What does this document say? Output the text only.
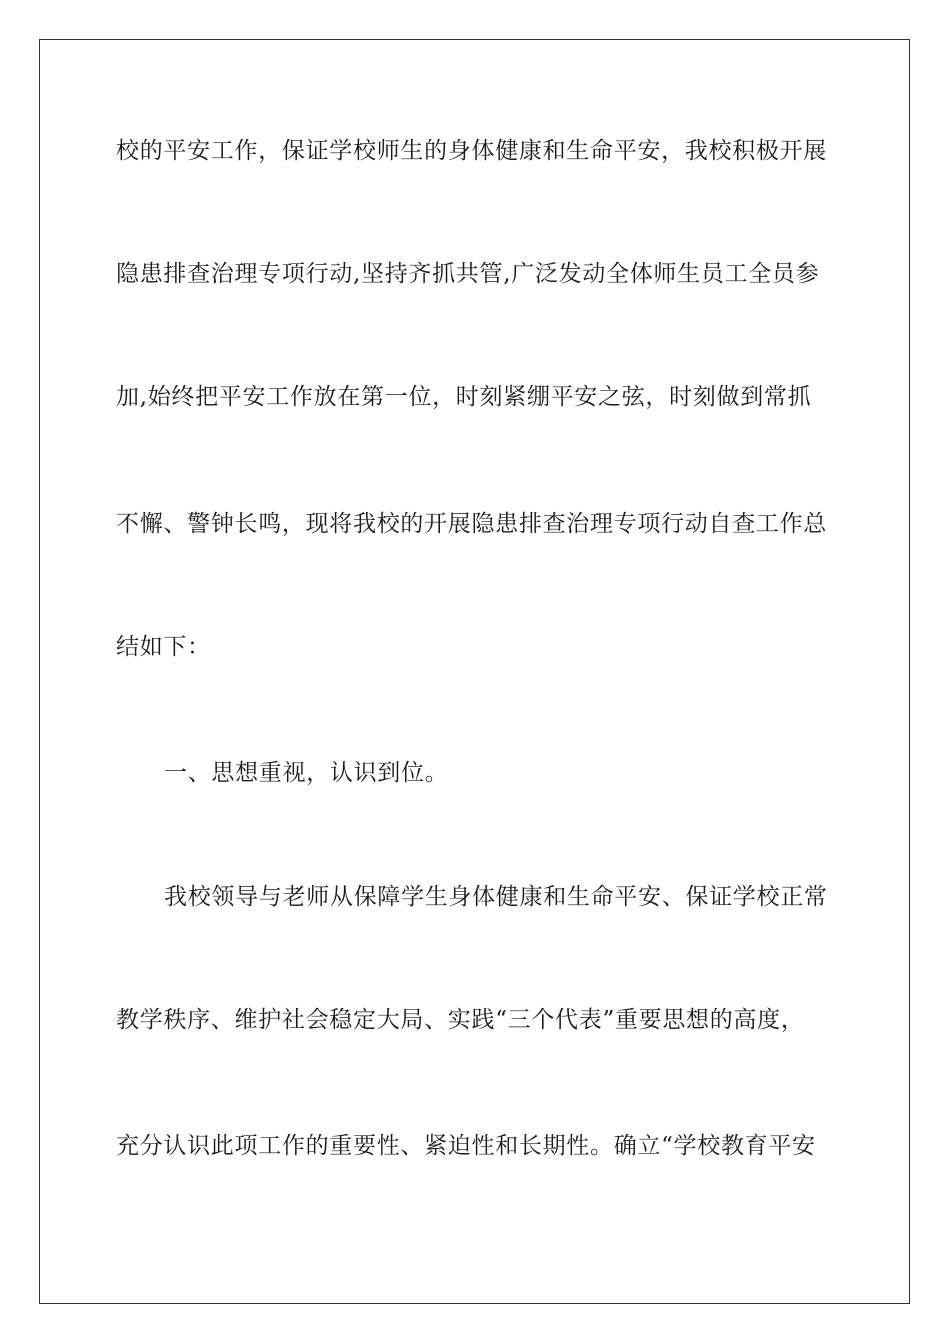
校的平安工作，保证学校师生的身体健康和生命平安，我校积极开展
隐患排查治理专项行动,坚持齐抓共管,广泛发动全体师生员工全员参
加,始终把平安工作放在第一位，时刻紧绷平安之弦，时刻做到常抓
不懈、警钟长鸣，现将我校的开展隐患排查治理专项行动自查工作总
结如下：
一、思想重视，认识到位。
我校领导与老师从保障学生身体健康和生命平安、保证学校正常
教学秩序、维护社会稳定大局、实践“三个代表”重要思想的高度，
充分认识此项工作的重要性、紧迫性和长期性。确立“学校教育平安
